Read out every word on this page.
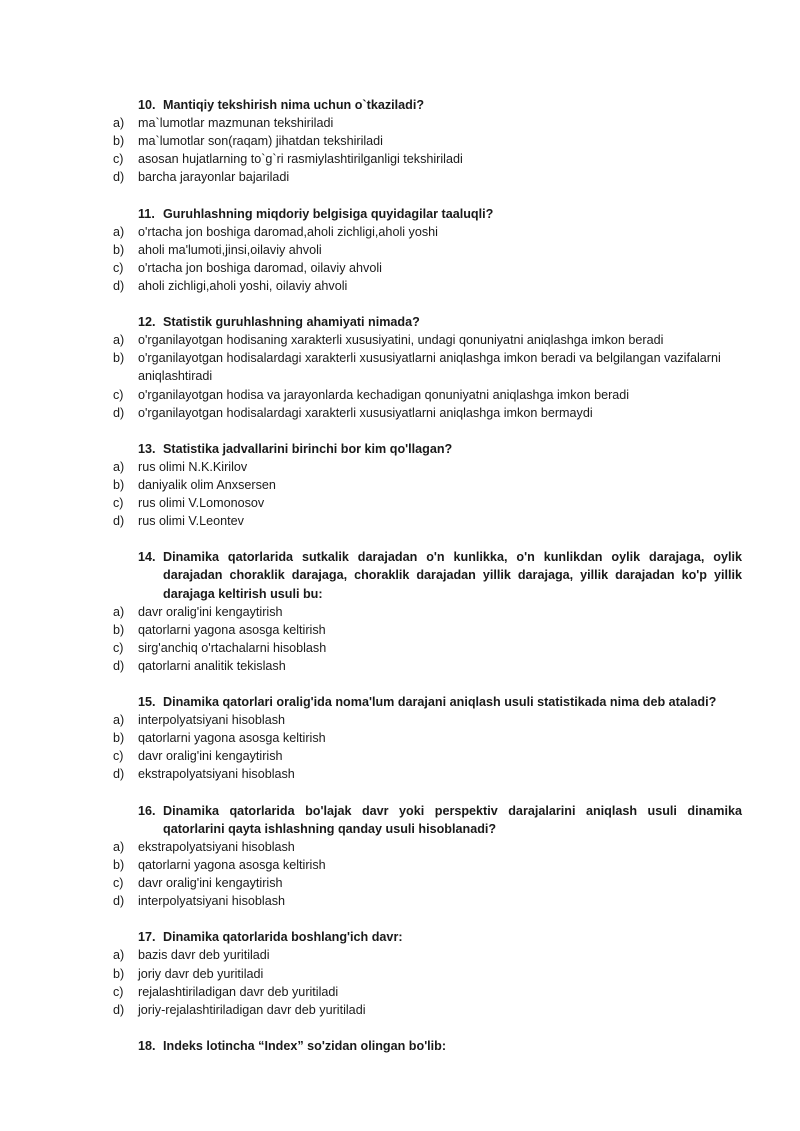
10. Mantiqiy tekshirish nima uchun o`tkaziladi?
a)	ma`lumotlar mazmunan tekshiriladi
b)	ma`lumotlar son(raqam) jihatdan tekshiriladi
c)	asosan hujatlarning to`g`ri rasmiylashtirilganligi tekshiriladi
d)	barcha jarayonlar bajariladi
11. Guruhlashning miqdoriy belgisiga quyidagilar taaluqli?
a)	o'rtacha jon boshiga daromad,aholi zichligi,aholi yoshi
b)	aholi ma'lumoti,jinsi,oilaviy ahvoli
c)	o'rtacha jon boshiga daromad, oilaviy ahvoli
d)	aholi zichligi,aholi yoshi, oilaviy ahvoli
12. Statistik guruhlashning ahamiyati nimada?
a)	o'rganilayotgan hodisaning xarakterli xususiyatini, undagi qonuniyatni aniqlashga imkon beradi
b)	o'rganilayotgan hodisalardagi xarakterli xususiyatlarni aniqlashga imkon beradi va belgilangan vazifalarni aniqlashtiradi
c)	o'rganilayotgan hodisa va jarayonlarda kechadigan qonuniyatni aniqlashga imkon beradi
d)	o'rganilayotgan hodisalardagi xarakterli xususiyatlarni aniqlashga imkon bermaydi
13. Statistika jadvallarini birinchi bor kim qo'llagan?
a)	rus olimi N.K.Kirilov
b)	daniyalik olim Anxsersen
c)	rus olimi V.Lomonosov
d)	rus olimi V.Leontev
14. Dinamika qatorlarida sutkalik darajadan o'n kunlikka, o'n kunlikdan oylik darajaga, oylik darajadan choraklik darajaga, choraklik darajadan yillik darajaga, yillik darajadan ko'p yillik darajaga keltirish usuli bu:
a)	davr oralig'ini kengaytirish
b)	qatorlarni yagona asosga keltirish
c)	sirg'anchiq o'rtachalarni hisoblash
d)	qatorlarni analitik tekislash
15. Dinamika qatorlari oralig'ida noma'lum darajani aniqlash usuli statistikada nima deb ataladi?
a)	interpolyatsiyani hisoblash
b)	qatorlarni yagona asosga keltirish
c)	davr oralig'ini kengaytirish
d)	ekstrapolyatsiyani hisoblash
16. Dinamika qatorlarida bo'lajak davr yoki perspektiv darajalarini aniqlash usuli dinamika qatorlarini qayta ishlashning qanday usuli hisoblanadi?
a)	ekstrapolyatsiyani hisoblash
b)	qatorlarni yagona asosga keltirish
c)	davr oralig'ini kengaytirish
d)	interpolyatsiyani hisoblash
17. Dinamika qatorlarida boshlang'ich davr:
a)	bazis davr deb yuritiladi
b)	joriy davr deb yuritiladi
c)	rejalashtiriladigan davr deb yuritiladi
d)	joriy-rejalashtiriladigan davr deb yuritiladi
18. Indeks lotincha “Index” so'zidan olingan bo'lib:
